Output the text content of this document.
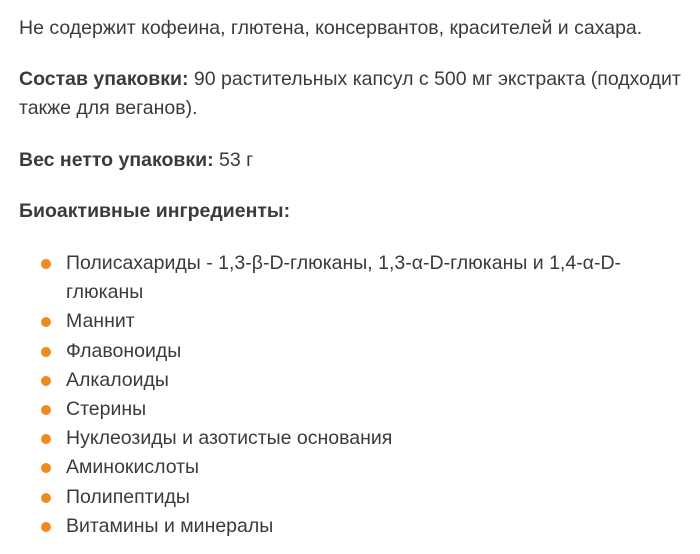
Не содержит кофеина, глютена, консервантов, красителей и сахара.

Состав упаковки: 90 растительных капсул с 500 мг экстракта (подходит также для веганов).

Вес нетто упаковки: 53 г

Биоактивные ингредиенты:

Полисахариды - 1,3-β-D-глюканы, 1,3-α-D-глюканы и 1,4-α-D-глюканы
Маннит
Флавоноиды
Алкалоиды
Стерины
Нуклеозиды и азотистые основания
Аминокислоты
Полипептиды
Витамины и минералы
